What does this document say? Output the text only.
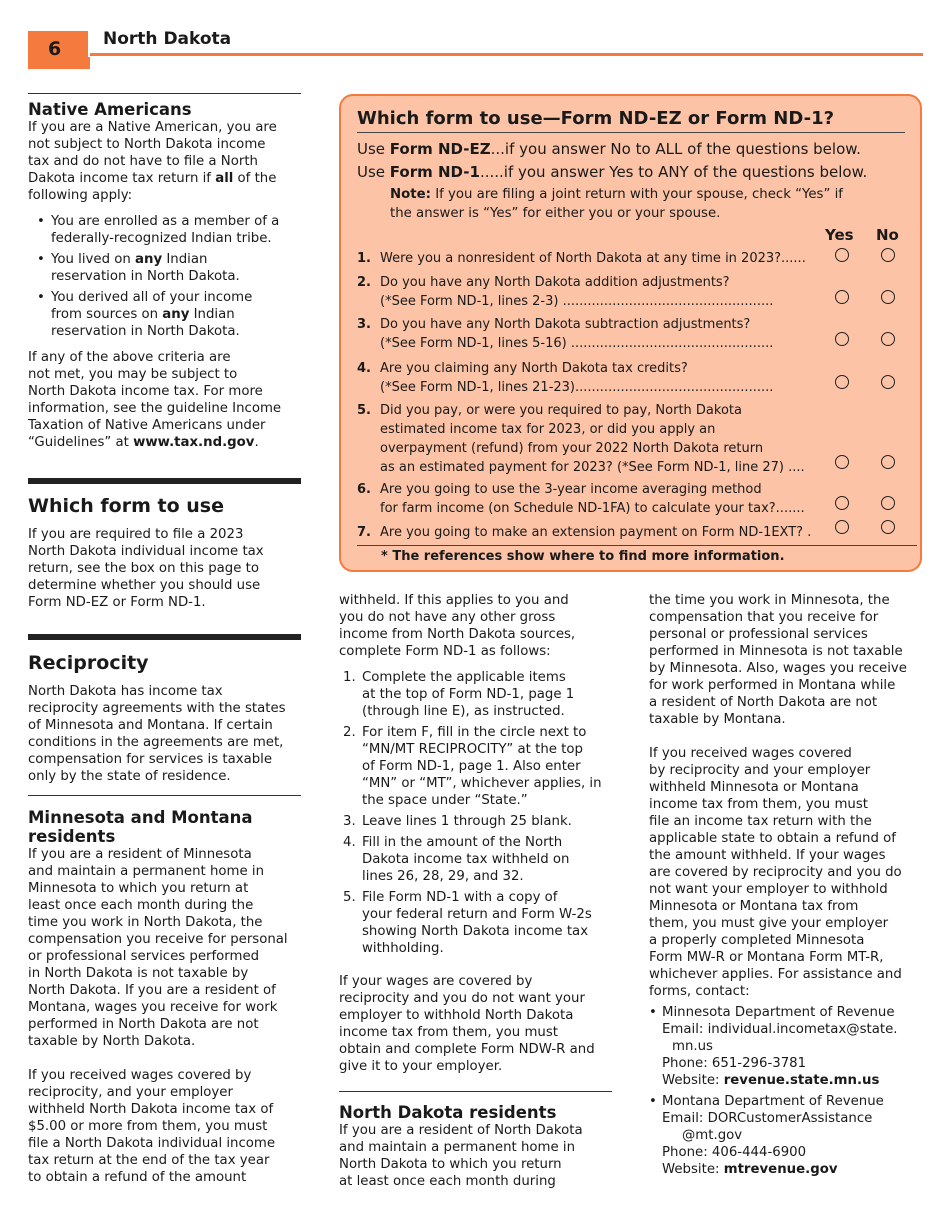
6	North Dakota
Native Americans

If you are a Native American, you are
not subject to North Dakota income
tax and do not have to file a North
Dakota income tax return if all of the
following apply:

• You are enrolled as a member of a
federally-recognized Indian tribe.
• You lived on any Indian
reservation in North Dakota.
• You derived all of your income
from sources on any Indian
reservation in North Dakota.

If any of the above criteria are
not met, you may be subject to
North Dakota income tax. For more
information, see the guideline Income
Taxation of Native Americans under
“Guidelines” at www.tax.nd.gov.

Which form to use

If you are required to file a 2023
North Dakota individual income tax
return, see the box on this page to
determine whether you should use
Form ND-EZ or Form ND-1.

Reciprocity

North Dakota has income tax
reciprocity agreements with the states
of Minnesota and Montana. If certain
conditions in the agreements are met,
compensation for services is taxable
only by the state of residence.

Minnesota and Montana
residents

If you are a resident of Minnesota
and maintain a permanent home in
Minnesota to which you return at
least once each month during the
time you work in North Dakota, the
compensation you receive for personal
or professional services performed
in North Dakota is not taxable by
North Dakota. If you are a resident of
Montana, wages you receive for work
performed in North Dakota are not
taxable by North Dakota.

If you received wages covered by
reciprocity, and your employer
withheld North Dakota income tax of
$5.00 or more from them, you must
file a North Dakota individual income
tax return at the end of the tax year
to obtain a refund of the amount

Which form to use—Form ND-EZ or Form ND-1?
Use Form ND-EZ...if you answer No to ALL of the questions below.
Use Form ND-1.....if you answer Yes to ANY of the questions below.
Note: If you are filing a joint return with your spouse, check “Yes” if
the answer is “Yes” for either you or your spouse.
Yes No
1. Were you a nonresident of North Dakota at any time in 2023?......
2. Do you have any North Dakota addition adjustments?
(*See Form ND-1, lines 2-3) ...................................................
3. Do you have any North Dakota subtraction adjustments?
(*See Form ND-1, lines 5-16) .................................................
4. Are you claiming any North Dakota tax credits?
(*See Form ND-1, lines 21-23)................................................
5. Did you pay, or were you required to pay, North Dakota
estimated income tax for 2023, or did you apply an
overpayment (refund) from your 2022 North Dakota return
as an estimated payment for 2023? (*See Form ND-1, line 27) ....
6. Are you going to use the 3-year income averaging method
for farm income (on Schedule ND-1FA) to calculate your tax?.......
7. Are you going to make an extension payment on Form ND-1EXT? .
* The references show where to find more information.

withheld. If this applies to you and
you do not have any other gross
income from North Dakota sources,
complete Form ND-1 as follows:

1. Complete the applicable items
at the top of Form ND-1, page 1
(through line E), as instructed.
2. For item F, fill in the circle next to
“MN/MT RECIPROCITY” at the top
of Form ND-1, page 1. Also enter
“MN” or “MT”, whichever applies, in
the space under “State.”
3. Leave lines 1 through 25 blank.
4. Fill in the amount of the North
Dakota income tax withheld on
lines 26, 28, 29, and 32.
5. File Form ND-1 with a copy of
your federal return and Form W-2s
showing North Dakota income tax
withholding.

If your wages are covered by
reciprocity and you do not want your
employer to withhold North Dakota
income tax from them, you must
obtain and complete Form NDW-R and
give it to your employer.

North Dakota residents

If you are a resident of North Dakota
and maintain a permanent home in
North Dakota to which you return
at least once each month during

the time you work in Minnesota, the
compensation that you receive for
personal or professional services
performed in Minnesota is not taxable
by Minnesota. Also, wages you receive
for work performed in Montana while
a resident of North Dakota are not
taxable by Montana.

If you received wages covered
by reciprocity and your employer
withheld Minnesota or Montana
income tax from them, you must
file an income tax return with the
applicable state to obtain a refund of
the amount withheld. If your wages
are covered by reciprocity and you do
not want your employer to withhold
Minnesota or Montana tax from
them, you must give your employer
a properly completed Minnesota
Form MW-R or Montana Form MT-R,
whichever applies. For assistance and
forms, contact:

• Minnesota Department of Revenue
Email: individual.incometax@state.
mn.us
Phone: 651-296-3781
Website: revenue.state.mn.us
• Montana Department of Revenue
Email: DORCustomerAssistance
@mt.gov
Phone: 406-444-6900
Website: mtrevenue.gov
